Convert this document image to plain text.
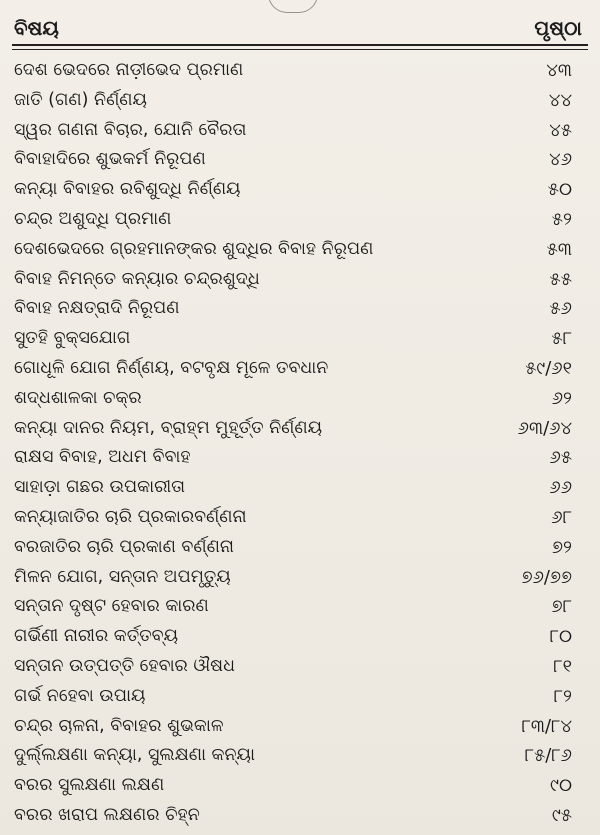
ବିଷୟ	ପୃଷ୍ଠା
ଦେଶ ଭେଦରେ ନାଡ଼ୀଭେଦ ପ୍ରମାଣ	୪୩
ଜାତି (ଗଣ) ନିର୍ଣ୍ଣୟ	୪୪
ସ୍ୱର ଗଣନା ବିଚାର, ଯୋନି ବୈରତା	୪୫
ବିବାହାଦିରେ ଶୁଭକର୍ମ ନିରୂପଣ	୪୬
କନ୍ୟା ବିବାହର ରବିଶୁଦ୍ଧି ନିର୍ଣ୍ଣୟ	୫୦
ଚନ୍ଦ୍ର ଅଶୁଦ୍ଧି ପ୍ରମାଣ	୫୨
ଦେଶଭେଦରେ ଗ୍ରହମାନଙ୍କର ଶୁଦ୍ଧିର ବିବାହ ନିରୂପଣ	୫୩
ବିବାହ ନିମନ୍ତେ କନ୍ୟାର ଚନ୍ଦ୍ରଶୁଦ୍ଧି	୫୫
ବିବାହ ନକ୍ଷତ୍ରାଦି ନିରୂପଣ	୫୬
ସୁତହି ବୁକ୍ସଯୋଗ	୫୮
ଗୋଧୂଳି ଯୋଗ ନିର୍ଣ୍ଣୟ, ବଟବୃକ୍ଷ ମୂଳେ ତବଧାନ	୫୯/୬୧
ଶଦ୍ଧଶାଳକା ଚକ୍ର	୬୨
କନ୍ୟା ଦାନର ନିୟମ, ବ୍ରାହ୍ମ ମୁହୂର୍ତ୍ତ ନିର୍ଣ୍ଣୟ	୬୩/୬୪
ରାକ୍ଷସ ବିବାହ, ଅଧମ ବିବାହ	୬୫
ସାହାଡ଼ା ଗଛର ଉପକାରୀତା	୬୬
କନ୍ୟାଜାତିର ଚାରି ପ୍ରକାରବର୍ଣ୍ଣନା	୬୮
ବରଜାତିର ଚାରି ପ୍ରକାଣ ବର୍ଣ୍ଣନା	୭୨
ମିଳନ ଯୋଗ, ସନ୍ତାନ ଅପମୃତ୍ୟୁ	୭୬/୭୭
ସନ୍ତାନ ଦୃଷ୍ଟ ହେବାର କାରଣ	୭୮
ଗର୍ଭିଣୀ ନାରୀର କର୍ତ୍ତବ୍ୟ	୮୦
ସନ୍ତାନ ଉତ୍ପତ୍ତି ହେବାର ଔଷଧ	୮୧
ଗର୍ଭ ନହେବା ଉପାୟ	୮୨
ଚନ୍ଦ୍ର ଚାଳନା, ବିବାହର ଶୁଭକାଳ	୮୩/୮୪
ଦୁର୍ଲ୍ଲକ୍ଷଣା କନ୍ୟା, ସୁଲକ୍ଷଣା କନ୍ୟା	୮୫/୮୬
ବରର ସୁଲକ୍ଷଣା ଲକ୍ଷଣ	୯୦
ବରର ଖରାପ ଲକ୍ଷଣର ଚିହ୍ନ	୯୫
